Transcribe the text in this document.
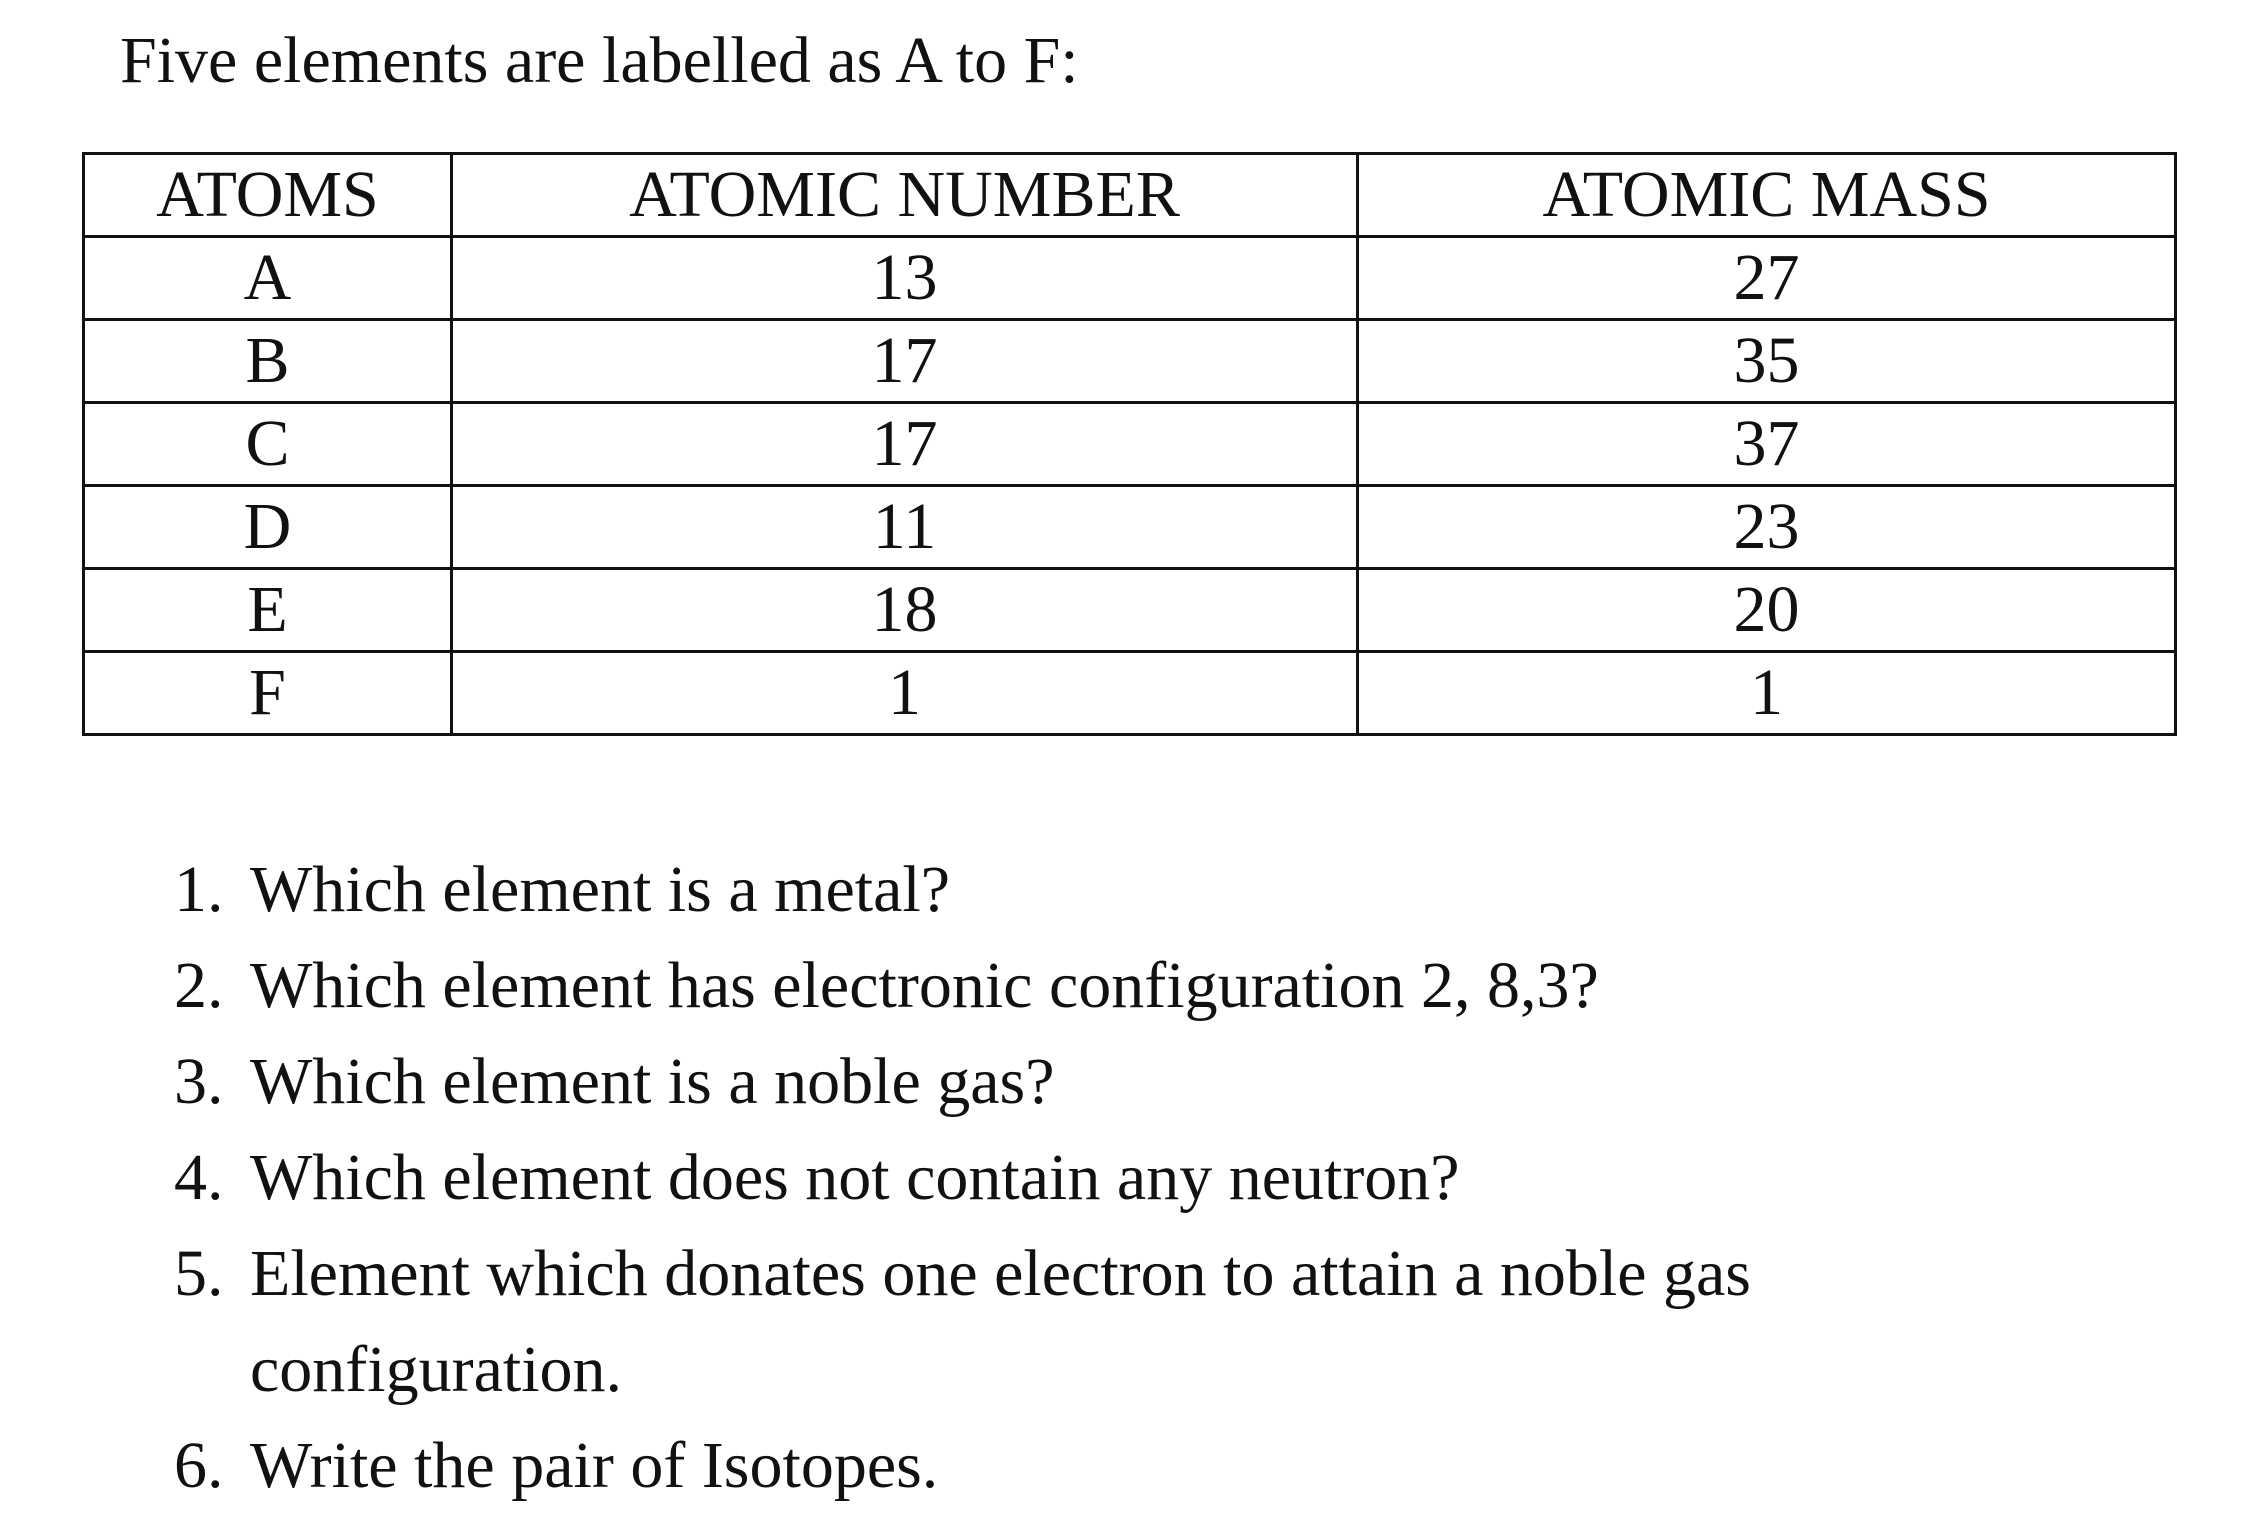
Five elements are labelled as A to F:
ATOMS	ATOMIC NUMBER	ATOMIC MASS
A	13	27
B	17	35
C	17	37
D	11	23
E	18	20
F	1	1
1. Which element is a metal?
2. Which element has electronic configuration 2, 8,3?
3. Which element is a noble gas?
4. Which element does not contain any neutron?
5. Element which donates one electron to attain a noble gas configuration.
6. Write the pair of Isotopes.
